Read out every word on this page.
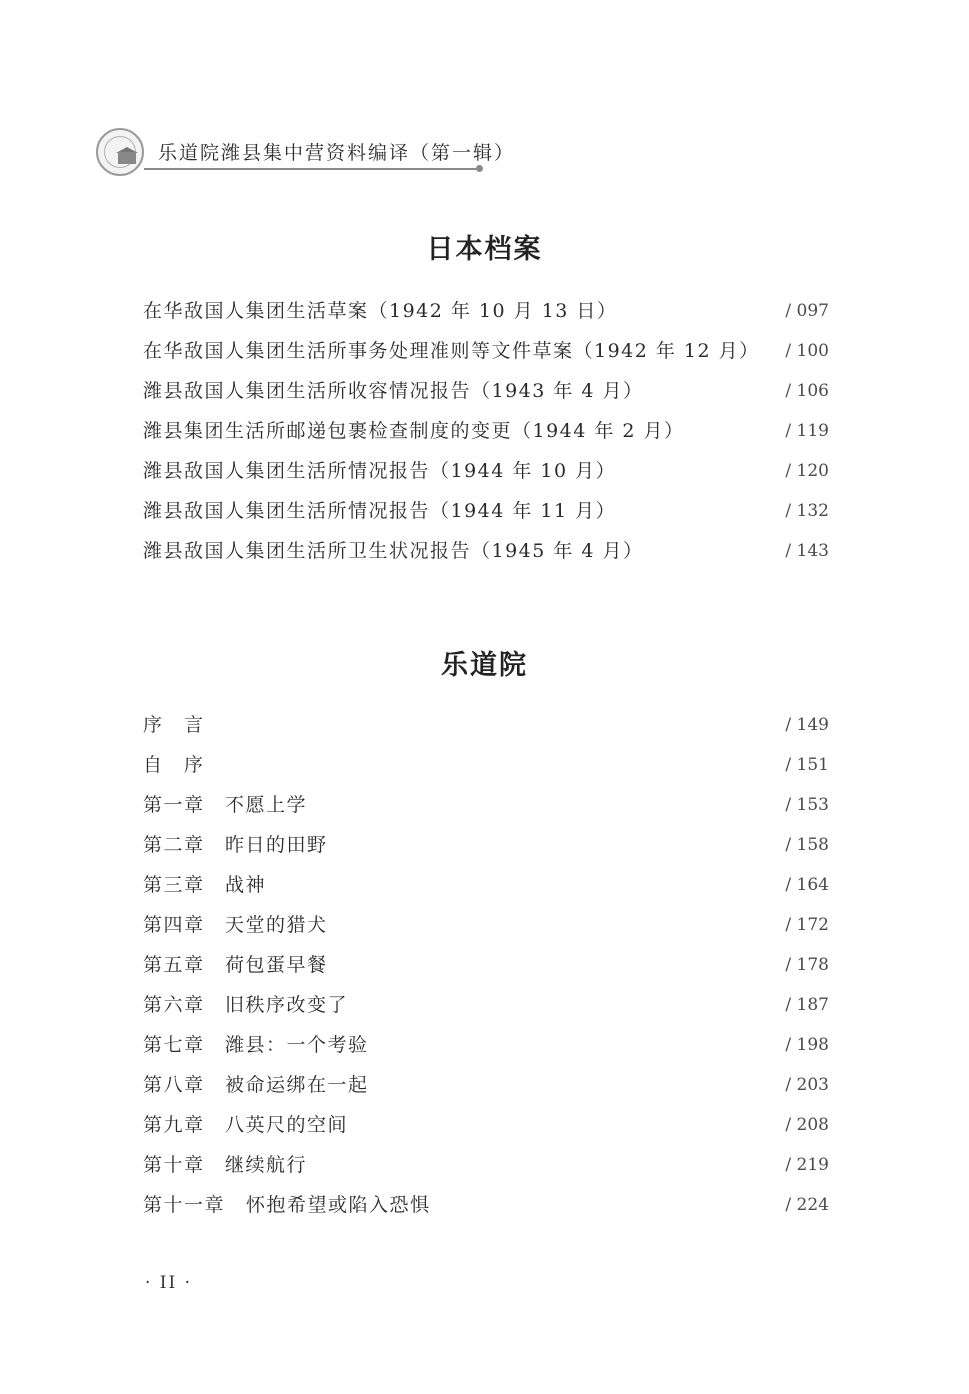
乐道院潍县集中营资料编译（第一辑）
日本档案
在华敌国人集团生活草案（1942 年 10 月 13 日）	/ 097
在华敌国人集团生活所事务处理准则等文件草案（1942 年 12 月） / 100
潍县敌国人集团生活所收容情况报告（1943 年 4 月）	/ 106
潍县集团生活所邮递包裹检查制度的变更（1944 年 2 月）	/ 119
潍县敌国人集团生活所情况报告（1944 年 10 月）	/ 120
潍县敌国人集团生活所情况报告（1944 年 11 月）	/ 132
潍县敌国人集团生活所卫生状况报告（1945 年 4 月）	/ 143
乐道院
序　言	/ 149
自　序	/ 151
第一章 不愿上学	/ 153
第二章 昨日的田野	/ 158
第三章 战神	/ 164
第四章 天堂的猎犬	/ 172
第五章 荷包蛋早餐	/ 178
第六章 旧秩序改变了	/ 187
第七章 潍县：一个考验	/ 198
第八章 被命运绑在一起	/ 203
第九章 八英尺的空间	/ 208
第十章 继续航行	/ 219
第十一章 怀抱希望或陷入恐惧	/ 224
· II ·
